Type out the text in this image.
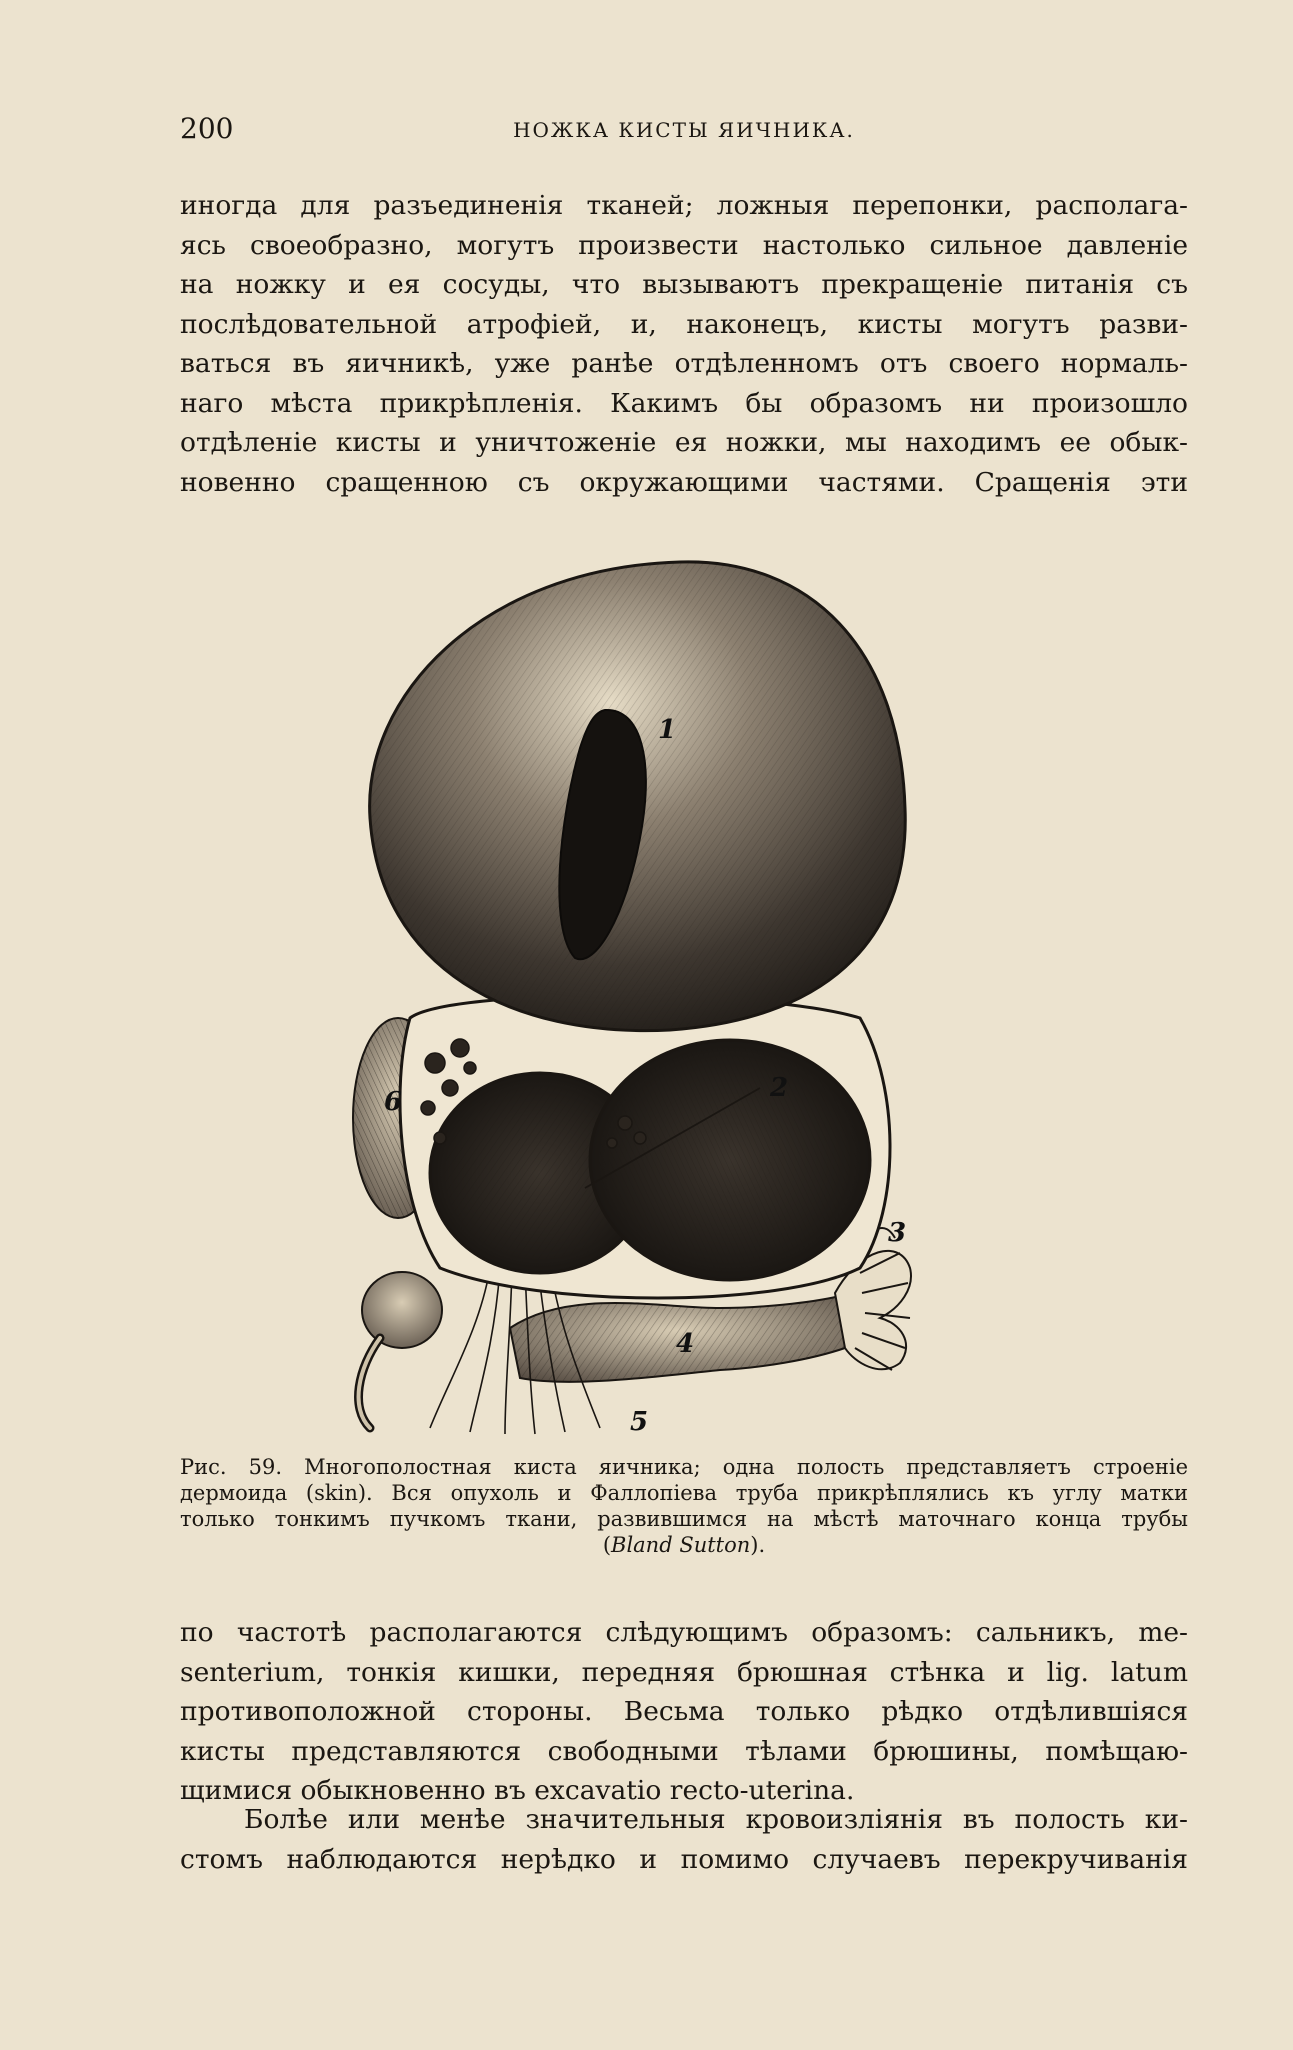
200	НОЖКА КИСТЫ ЯИЧНИКА.

иногда для разъединенія тканей; ложныя перепонки, располага-
ясь своеобразно, могутъ произвести настолько сильное давленіе
на ножку и ея сосуды, что вызываютъ прекращеніе питанія съ
послѣдовательной атрофіей, и, наконецъ, кисты могутъ разви-
ваться въ яичникѣ, уже ранѣе отдѣленномъ отъ своего нормаль-
наго мѣста прикрѣпленія. Какимъ бы образомъ ни произошло
отдѣленіе кисты и уничтоженіе ея ножки, мы находимъ ее обык-
новенно сращенною съ окружающими частями. Сращенія эти

1
2
3
4
5
6

Рис. 59. Многополостная киста яичника; одна полость представляетъ строеніе
дермоида (skin). Вся опухоль и Фаллопіева труба прикрѣплялись къ углу матки
только тонкимъ пучкомъ ткани, развившимся на мѣстѣ маточнаго конца трубы
(Bland Sutton).

по частотѣ располагаются слѣдующимъ образомъ: сальникъ, me-
senterium, тонкія кишки, передняя брюшная стѣнка и lig. latum
противоположной стороны. Весьма только рѣдко отдѣлившіяся
кисты представляются свободными тѣлами брюшины, помѣщаю-
щимися обыкновенно въ excavatio recto-uterina.

Болѣе или менѣе значительныя кровоизліянія въ полость ки-
стомъ наблюдаются нерѣдко и помимо случаевъ перекручиванія
